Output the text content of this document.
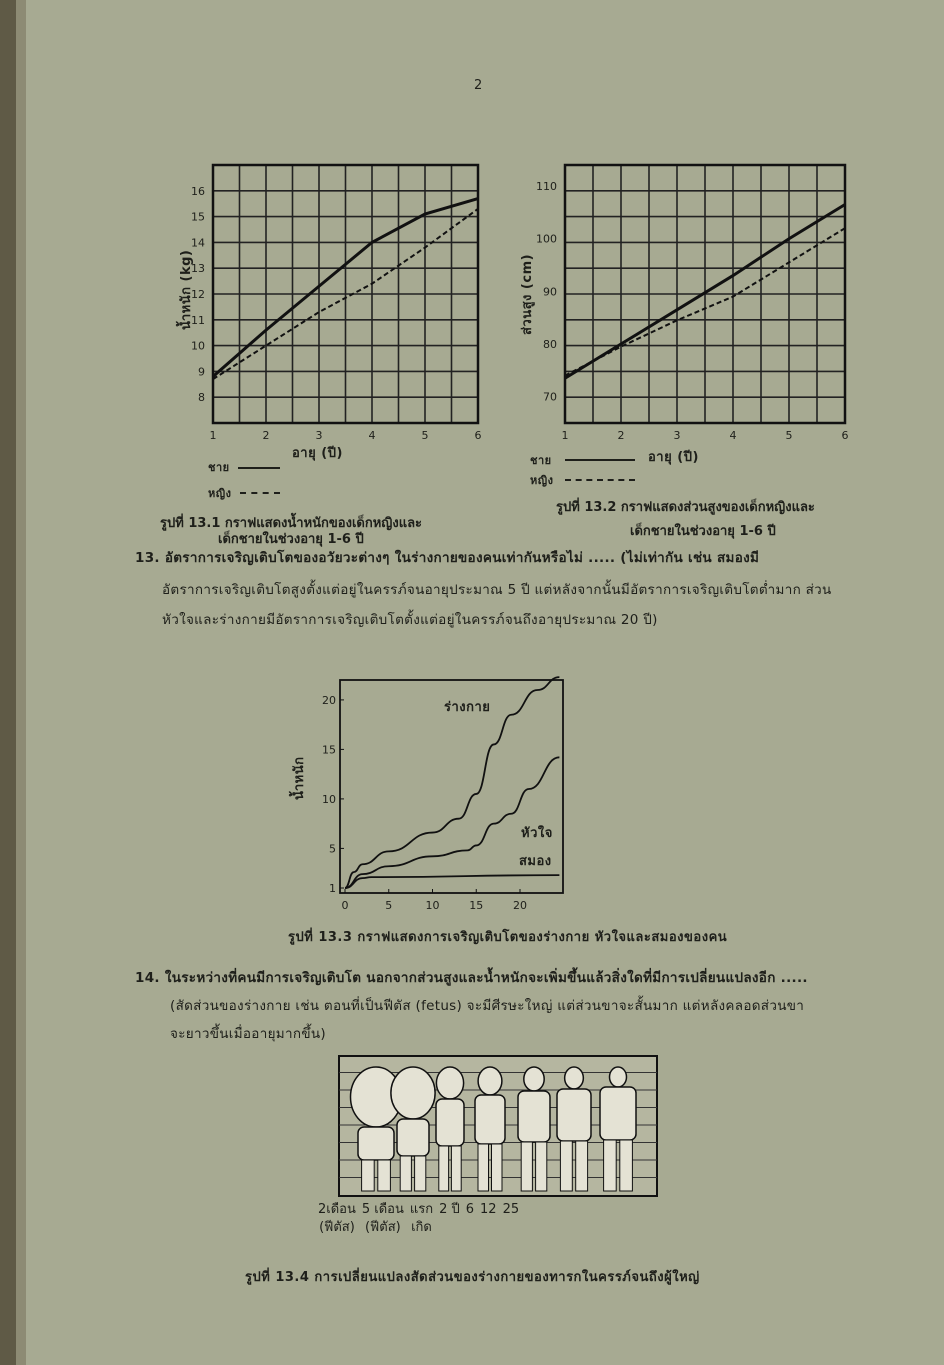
2
1	2	3	4	5	6
8
9
10
11
12
13
14
15
16
1	2	3	4	5	6
70
80
90
100
110
0	5	10	15	20
1
5
10
15
20
น้ำหนัก (kg)
อายุ (ปี)
ชาย
หญิง
รูปที่ 13.1 กราฟแสดงน้ำหนักของเด็กหญิงและ
เด็กชายในช่วงอายุ 1-6 ปี
ส่วนสูง (cm)
อายุ (ปี)
ชาย
หญิง
รูปที่ 13.2 กราฟแสดงส่วนสูงของเด็กหญิงและ
เด็กชายในช่วงอายุ 1-6 ปี
13. อัตราการเจริญเติบโตของอวัยวะต่างๆ ในร่างกายของคนเท่ากันหรือไม่ ..... (ไม่เท่ากัน เช่น สมองมี
อัตราการเจริญเติบโตสูงตั้งแต่อยู่ในครรภ์จนอายุประมาณ 5 ปี แต่หลังจากนั้นมีอัตราการเจริญเติบโตต่ำมาก ส่วน
หัวใจและร่างกายมีอัตราการเจริญเติบโตตั้งแต่อยู่ในครรภ์จนถึงอายุประมาณ 20 ปี)
น้ำหนัก
ร่างกาย
หัวใจ
สมอง
รูปที่ 13.3 กราฟแสดงการเจริญเติบโตของร่างกาย หัวใจและสมองของคน
14. ในระหว่างที่คนมีการเจริญเติบโต นอกจากส่วนสูงและน้ำหนักจะเพิ่มขึ้นแล้วสิ่งใดที่มีการเปลี่ยนแปลงอีก .....
(สัดส่วนของร่างกาย เช่น ตอนที่เป็นฟีตัส (fetus) จะมีศีรษะใหญ่ แต่ส่วนขาจะสั้นมาก แต่หลังคลอดส่วนขา
จะยาวขึ้นเมื่ออายุมากขึ้น)
2เดือน
(ฟีตัส)
5 เดือน
(ฟีตัส)
แรก
เกิด
2 ปี 6 12 25
รูปที่ 13.4 การเปลี่ยนแปลงสัดส่วนของร่างกายของทารกในครรภ์จนถึงผู้ใหญ่
